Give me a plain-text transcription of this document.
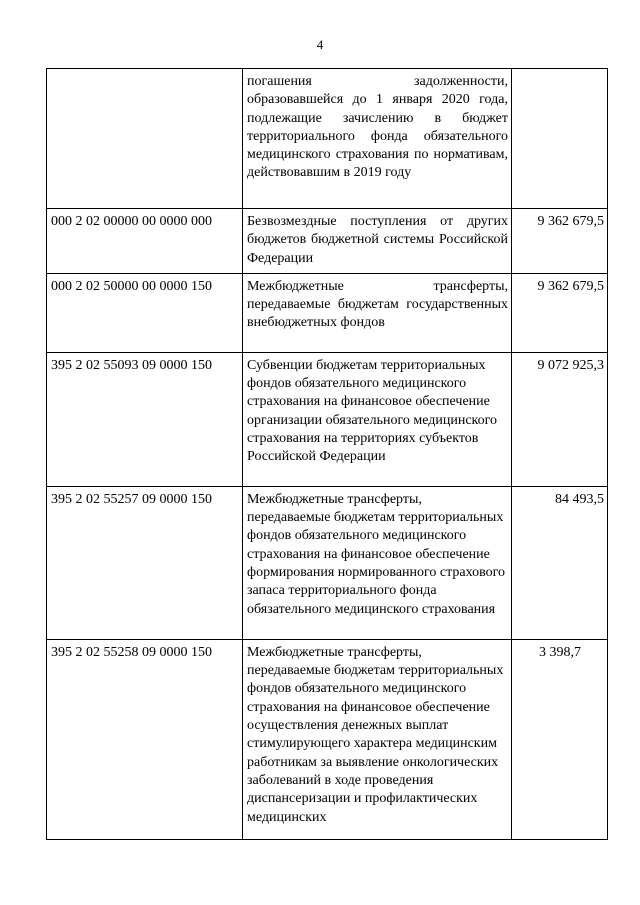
4
	погашения задолженности, образовавшейся до 1 января 2020 года, подлежащие зачислению в бюджет территориального фонда обязательного медицинского страхования по нормативам, действовавшим в 2019 году	
000 2 02 00000 00 0000 000	Безвозмездные поступления от других бюджетов бюджетной системы Российской Федерации	9 362 679,5
000 2 02 50000 00 0000 150	Межбюджетные трансферты, передаваемые бюджетам государственных внебюджетных фондов	9 362 679,5
395 2 02 55093 09 0000 150	Субвенции бюджетам территориальных фондов обязательного медицинского страхования на финансовое обеспечение организации обязательного медицинского страхования на территориях субъектов Российской Федерации	9 072 925,3
395 2 02 55257 09 0000 150	Межбюджетные трансферты, передаваемые бюджетам территориальных фондов обязательного медицинского страхования на финансовое обеспечение формирования нормированного страхового запаса территориального фонда обязательного медицинского страхования	84 493,5
395 2 02 55258 09 0000 150	Межбюджетные трансферты, передаваемые бюджетам территориальных фондов обязательного медицинского страхования на финансовое обеспечение осуществления денежных выплат стимулирующего характера медицинским работникам за выявление онкологических заболеваний в ходе проведения диспансеризации и профилактических медицинских	3 398,7
